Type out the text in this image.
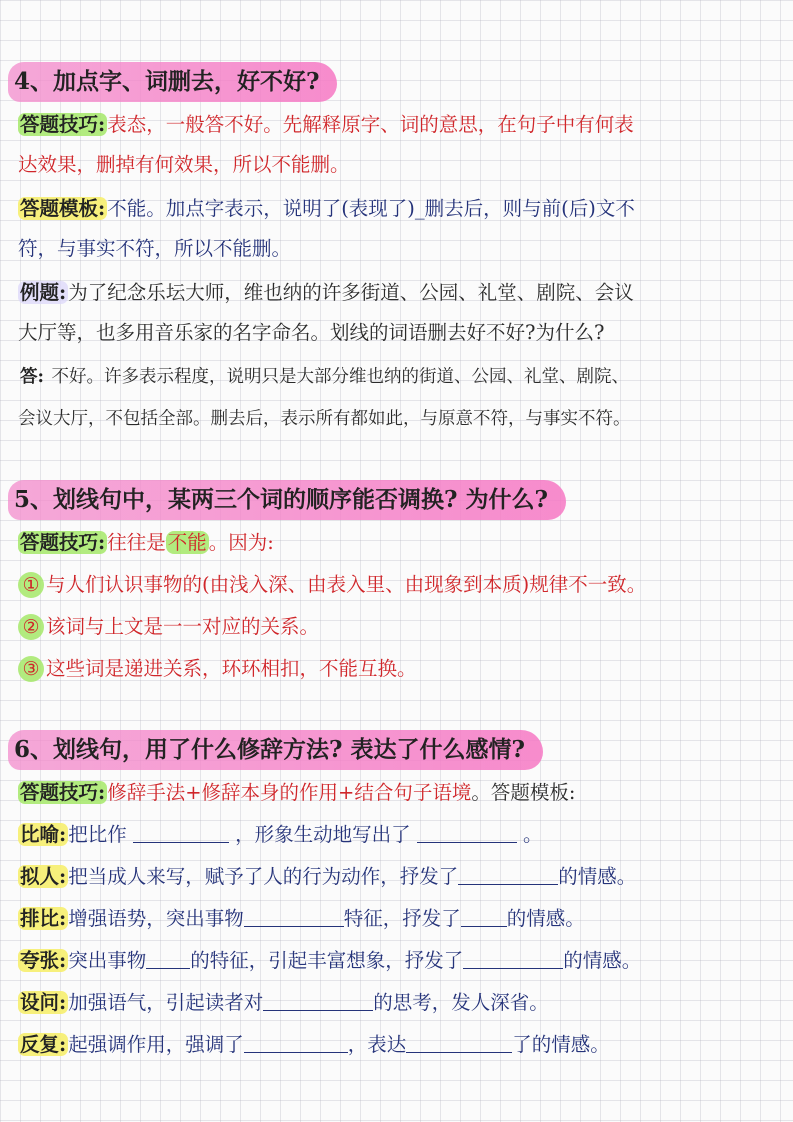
4、加点字、词删去，好不好?
答题技巧: 表态，一般答不好。先解释原字、词的意思，在句子中有何表
达效果，删掉有何效果，所以不能删。
答题模板: 不能。加点字表示，说明了(表现了)_删去后，则与前(后)文不
符，与事实不符，所以不能删。
例题: 为了纪念乐坛大师，维也纳的许多街道、公园、礼堂、剧院、会议
大厅等，也多用音乐家的名字命名。划线的词语删去好不好?为什么?
答: 不好。许多表示程度，说明只是大部分维也纳的街道、公园、礼堂、剧院、
会议大厅，不包括全部。删去后，表示所有都如此，与原意不符，与事实不符。
5、划线句中，某两三个词的顺序能否调换? 为什么?
答题技巧: 往往是 不能 。因为:
① 与人们认识事物的(由浅入深、由表入里、由现象到本质)规律不一致。
② 该词与上文是一一对应的关系。
③ 这些词是递进关系，环环相扣，不能互换。
6、划线句，用了什么修辞方法? 表达了什么感情?
答题技巧: 修辞手法+修辞本身的作用+结合句子语境。答题模板:
比喻: 把比作	，形象生动地写出了	。
拟人: 把当成人来写，赋予了人的行为动作，抒发了	的情感。
排比: 增强语势，突出事物	特征，抒发了 的情感。
夸张: 突出事物 的特征，引起丰富想象，抒发了	的情感。
设问: 加强语气，引起读者对	的思考，发人深省。
反复: 起强调作用，强调了	，表达	了的情感。
